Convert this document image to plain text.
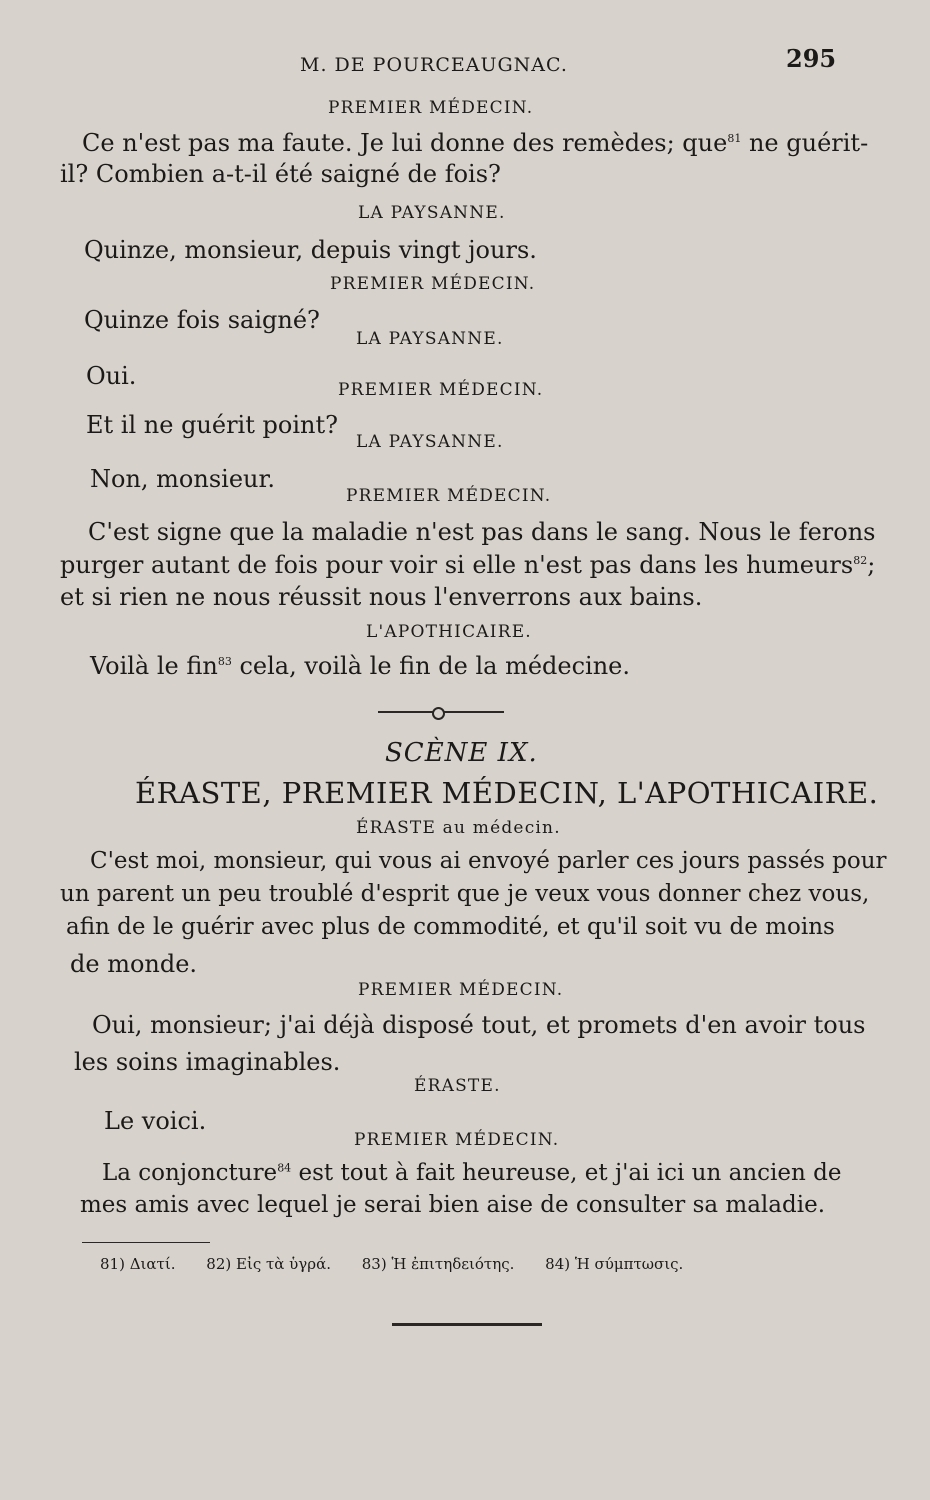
M. DE POURCEAUGNAC.	295
PREMIER MÉDECIN.
Ce n'est pas ma faute. Je lui donne des remèdes; que$^{81}$ ne guérit-
il? Combien a-t-il été saigné de fois?
LA PAYSANNE.
Quinze, monsieur, depuis vingt jours.
PREMIER MÉDECIN.
Quinze fois saigné?
LA PAYSANNE.
Oui.	PREMIER MÉDECIN.
Et il ne guérit point?
LA PAYSANNE.
Non, monsieur.
PREMIER MÉDECIN.
C'est signe que la maladie n'est pas dans le sang. Nous le ferons
purger autant de fois pour voir si elle n'est pas dans les humeurs$^{82}$;
et si rien ne nous réussit nous l'enverrons aux bains.
L'APOTHICAIRE.
Voilà le fin$^{83}$ cela, voilà le fin de la médecine.
SCÈNE IX.
ÉRASTE, PREMIER MÉDECIN, L'APOTHICAIRE.
ÉRASTE au médecin.
C'est moi, monsieur, qui vous ai envoyé parler ces jours passés pour
un parent un peu troublé d'esprit que je veux vous donner chez vous,
afin de le guérir avec plus de commodité, et qu'il soit vu de moins
de monde.
PREMIER MÉDECIN.
Oui, monsieur; j'ai déjà disposé tout, et promets d'en avoir tous
les soins imaginables.
ÉRASTE.
Le voici.
PREMIER MÉDECIN.
La conjoncture$^{84}$ est tout à fait heureuse, et j'ai ici un ancien de
mes amis avec lequel je serai bien aise de consulter sa maladie.
81) Διατί. 82) Εἰς τὰ ὑγρά. 83) Ἡ ἐπιτηδειότης. 84) Ἡ σύμπτωσις.
